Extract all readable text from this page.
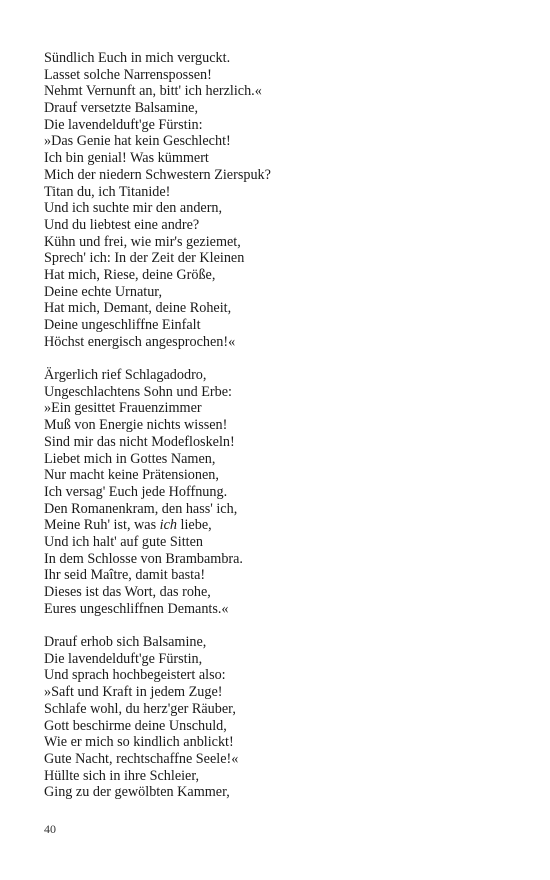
Sündlich Euch in mich verguckt.
Lasset solche Narrenspossen!
Nehmt Vernunft an, bitt' ich herzlich.«
Drauf versetzte Balsamine,
Die lavendelduft'ge Fürstin:
»Das Genie hat kein Geschlecht!
Ich bin genial! Was kümmert
Mich der niedern Schwestern Zierspuk?
Titan du, ich Titanide!
Und ich suchte mir den andern,
Und du liebtest eine andre?
Kühn und frei, wie mir's geziemet,
Sprech' ich: In der Zeit der Kleinen
Hat mich, Riese, deine Größe,
Deine echte Urnatur,
Hat mich, Demant, deine Roheit,
Deine ungeschliffne Einfalt
Höchst energisch angesprochen!«
Ärgerlich rief Schlagadodro,
Ungeschlachtens Sohn und Erbe:
»Ein gesittet Frauenzimmer
Muß von Energie nichts wissen!
Sind mir das nicht Modefloskeln!
Liebet mich in Gottes Namen,
Nur macht keine Prätensionen,
Ich versag' Euch jede Hoffnung.
Den Romanenkram, den hass' ich,
Meine Ruh' ist, was ich liebe,
Und ich halt' auf gute Sitten
In dem Schlosse von Brambambra.
Ihr seid Maître, damit basta!
Dieses ist das Wort, das rohe,
Eures ungeschliffnen Demants.«
Drauf erhob sich Balsamine,
Die lavendelduft'ge Fürstin,
Und sprach hochbegeistert also:
»Saft und Kraft in jedem Zuge!
Schlafe wohl, du herz'ger Räuber,
Gott beschirme deine Unschuld,
Wie er mich so kindlich anblickt!
Gute Nacht, rechtschaffne Seele!«
Hüllte sich in ihre Schleier,
Ging zu der gewölbten Kammer,
40
